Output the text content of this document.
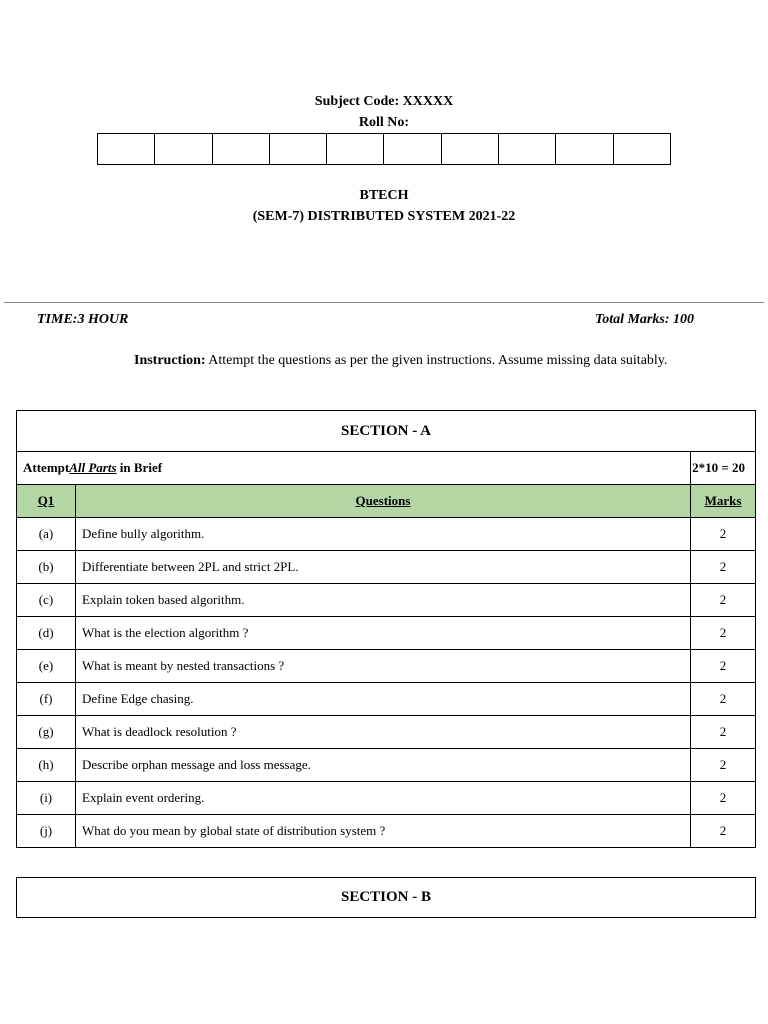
Subject Code: XXXXX
Roll No:
BTECH
(SEM-7) DISTRIBUTED SYSTEM 2021-22
TIME:3 HOUR	Total Marks: 100
Instruction: Attempt the questions as per the given instructions. Assume missing data suitably.
SECTION - A		
AttemptAll Parts in Brief		2*10 = 20
Q1	Questions	Marks
(a)	Define bully algorithm.	2
(b)	Differentiate between 2PL and strict 2PL.	2
(c)	Explain token based algorithm.	2
(d)	What is the election algorithm ?	2
(e)	What is meant by nested transactions ?	2
(f)	Define Edge chasing.	2
(g)	What is deadlock resolution ?	2
(h)	Describe orphan message and loss message.	2
(i)	Explain event ordering.	2
(j)	What do you mean by global state of distribution system ?	2
SECTION - B
